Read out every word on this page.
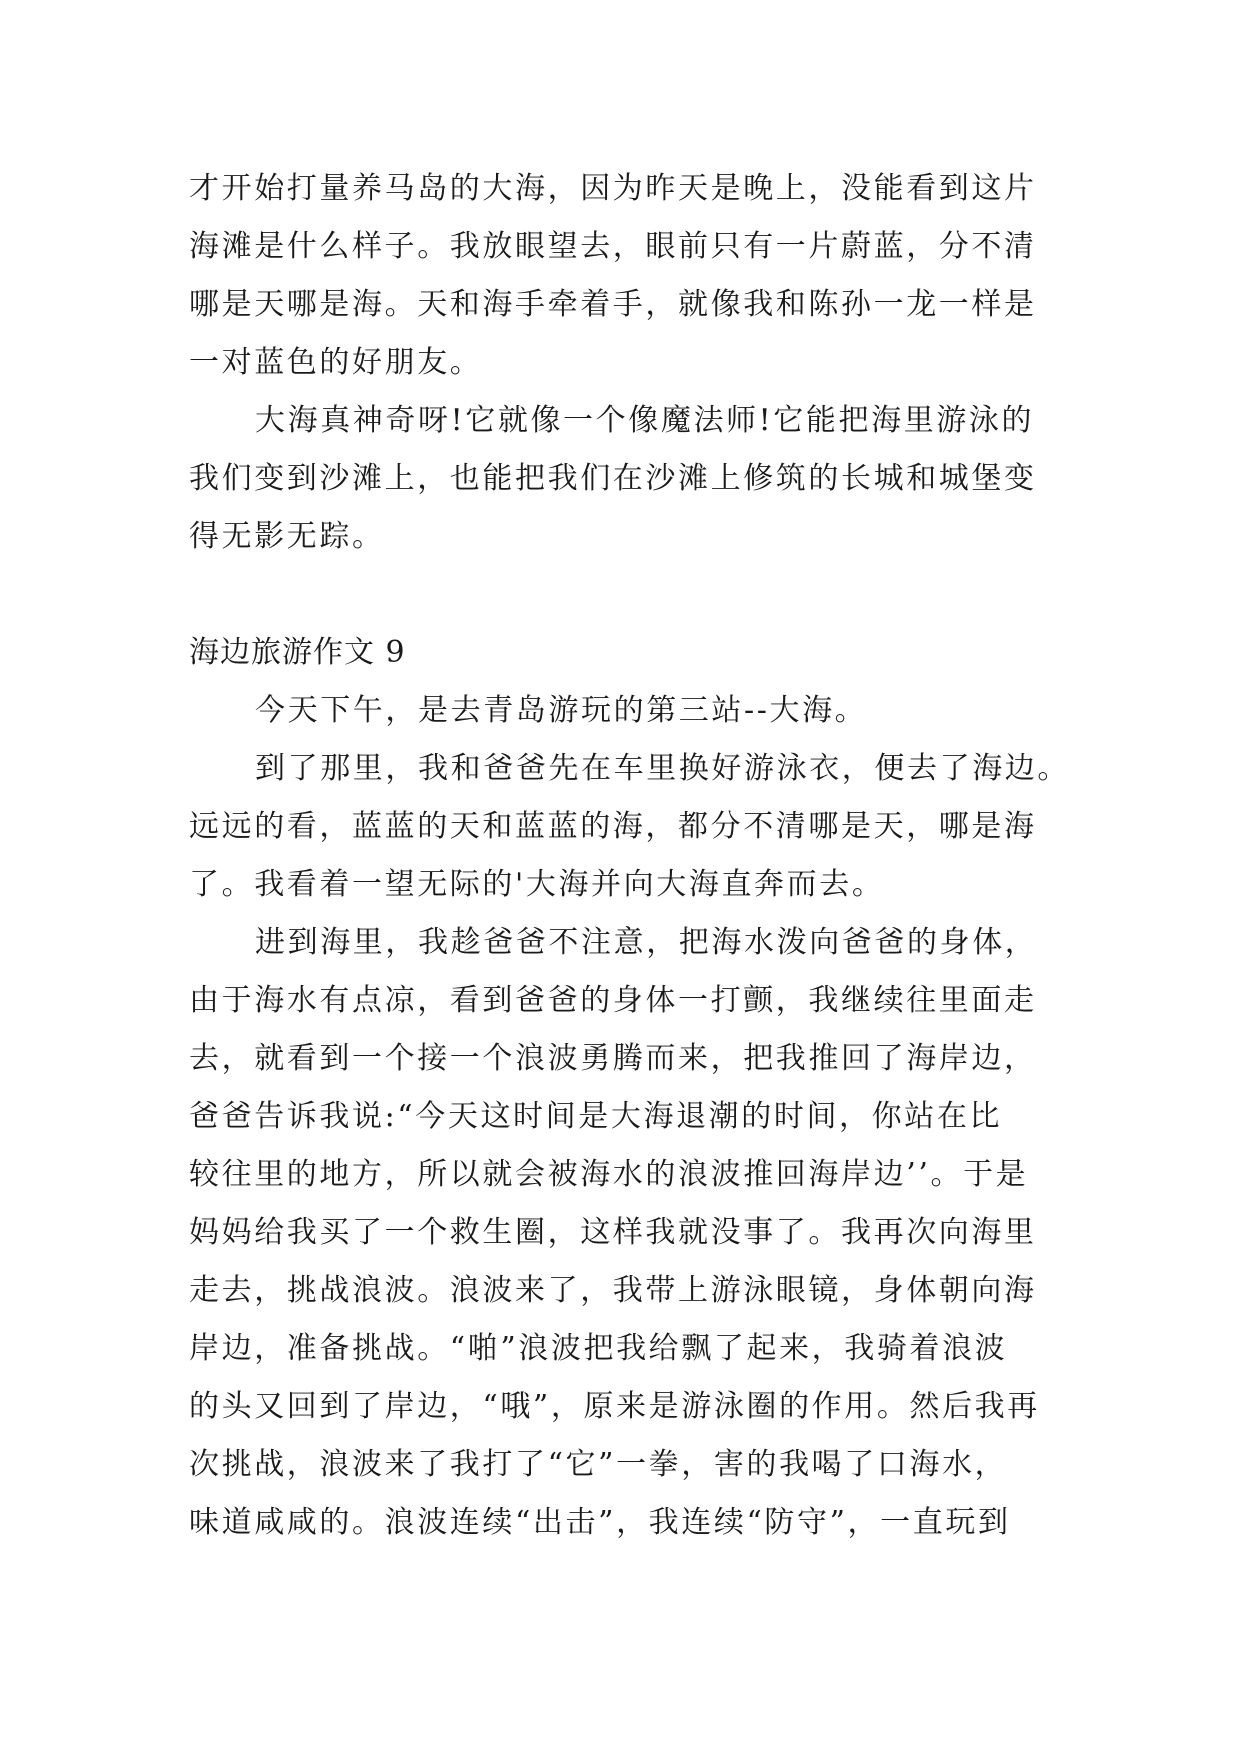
才开始打量养马岛的大海，因为昨天是晚上，没能看到这片
海滩是什么样子。我放眼望去，眼前只有一片蔚蓝，分不清
哪是天哪是海。天和海手牵着手，就像我和陈孙一龙一样是
一对蓝色的好朋友。
大海真神奇呀!它就像一个像魔法师!它能把海里游泳的
我们变到沙滩上，也能把我们在沙滩上修筑的长城和城堡变
得无影无踪。
海边旅游作文 9
今天下午，是去青岛游玩的第三站--大海。
到了那里，我和爸爸先在车里换好游泳衣，便去了海边。
远远的看，蓝蓝的天和蓝蓝的海，都分不清哪是天，哪是海
了。我看着一望无际的'大海并向大海直奔而去。
进到海里，我趁爸爸不注意，把海水泼向爸爸的身体，
由于海水有点凉，看到爸爸的身体一打颤，我继续往里面走
去，就看到一个接一个浪波勇腾而来，把我推回了海岸边，
爸爸告诉我说:“今天这时间是大海退潮的时间，你站在比
较往里的地方，所以就会被海水的浪波推回海岸边’’。于是
妈妈给我买了一个救生圈，这样我就没事了。我再次向海里
走去，挑战浪波。浪波来了，我带上游泳眼镜，身体朝向海
岸边，准备挑战。“啪”浪波把我给飘了起来，我骑着浪波
的头又回到了岸边，“哦”，原来是游泳圈的作用。然后我再
次挑战，浪波来了我打了“它”一拳，害的我喝了口海水，
味道咸咸的。浪波连续“出击”，我连续“防守”，一直玩到
